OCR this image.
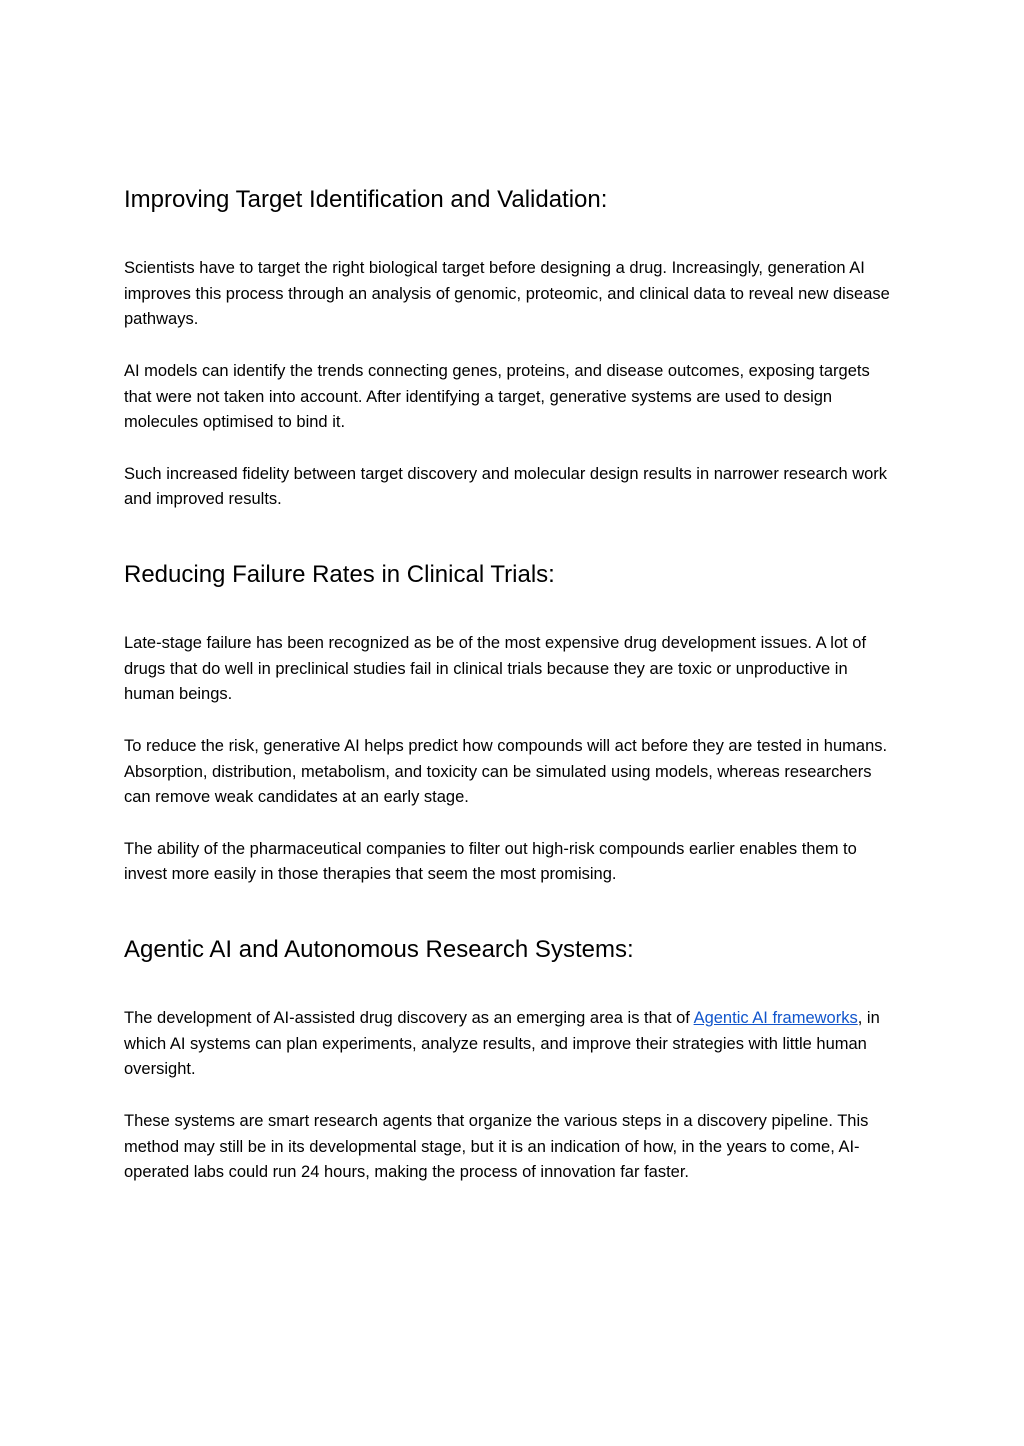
Improving Target Identification and Validation:

Scientists have to target the right biological target before designing a drug. Increasingly, generation AI improves this process through an analysis of genomic, proteomic, and clinical data to reveal new disease pathways.

AI models can identify the trends connecting genes, proteins, and disease outcomes, exposing targets that were not taken into account. After identifying a target, generative systems are used to design molecules optimised to bind it.

Such increased fidelity between target discovery and molecular design results in narrower research work and improved results.

Reducing Failure Rates in Clinical Trials:

Late-stage failure has been recognized as be of the most expensive drug development issues. A lot of drugs that do well in preclinical studies fail in clinical trials because they are toxic or unproductive in human beings.

To reduce the risk, generative AI helps predict how compounds will act before they are tested in humans. Absorption, distribution, metabolism, and toxicity can be simulated using models, whereas researchers can remove weak candidates at an early stage.

The ability of the pharmaceutical companies to filter out high-risk compounds earlier enables them to invest more easily in those therapies that seem the most promising.

Agentic AI and Autonomous Research Systems:

The development of AI-assisted drug discovery as an emerging area is that of Agentic AI frameworks, in which AI systems can plan experiments, analyze results, and improve their strategies with little human oversight.

These systems are smart research agents that organize the various steps in a discovery pipeline. This method may still be in its developmental stage, but it is an indication of how, in the years to come, AI-operated labs could run 24 hours, making the process of innovation far faster.
